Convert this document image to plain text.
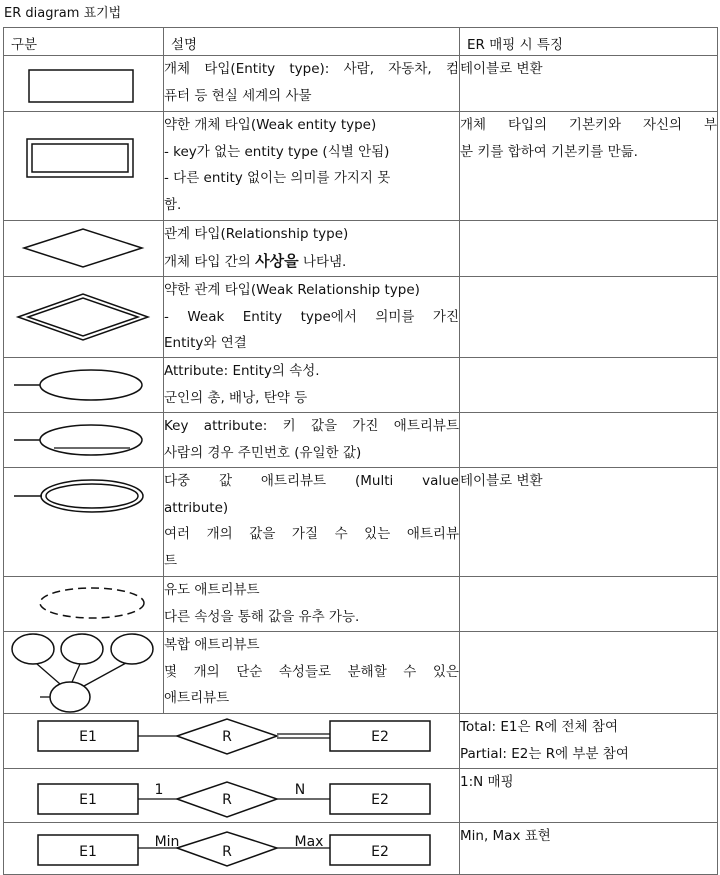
ER diagram 표기법
구분	설명	ER 매핑 시 특징

개체 타입(Entity type): 사람, 자동차, 컴
퓨터 등 현실 세계의 사물	테이블로 변환

약한 개체 타입(Weak entity type)
- key가 없는 entity type (식별 안됨)
- 다른 entity 없이는 의미를 가지지 못
함.	개체 타입의 기본키와 자신의 부
분 키를 합하여 기본키를 만듦.

관계 타입(Relationship type)
개체 타입 간의 사상을 나타냄.	

약한 관계 타입(Weak Relationship type)
- Weak Entity type에서 의미를 가진
Entity와 연결	

Attribute: Entity의 속성.
군인의 총, 배낭, 탄약 등	

Key attribute: 키 값을 가진 애트리뷰트
사람의 경우 주민번호 (유일한 값)	

다중 값 애트리뷰트 (Multi value
attribute)
여러 개의 값을 가질 수 있는 애트리뷰
트	테이블로 변환

유도 애트리뷰트
다른 속성을 통해 값을 유추 가능.	

복합 애트리뷰트
몇 개의 단순 속성들로 분해할 수 있은
애트리뷰트	

E1 R E2		Total: E1은 R에 전체 참여
Partial: E2는 R에 부분 참여

E1
1
R
N
E2		1:N 매핑

E1
Min
R
Max
E2		Min, Max 표현
